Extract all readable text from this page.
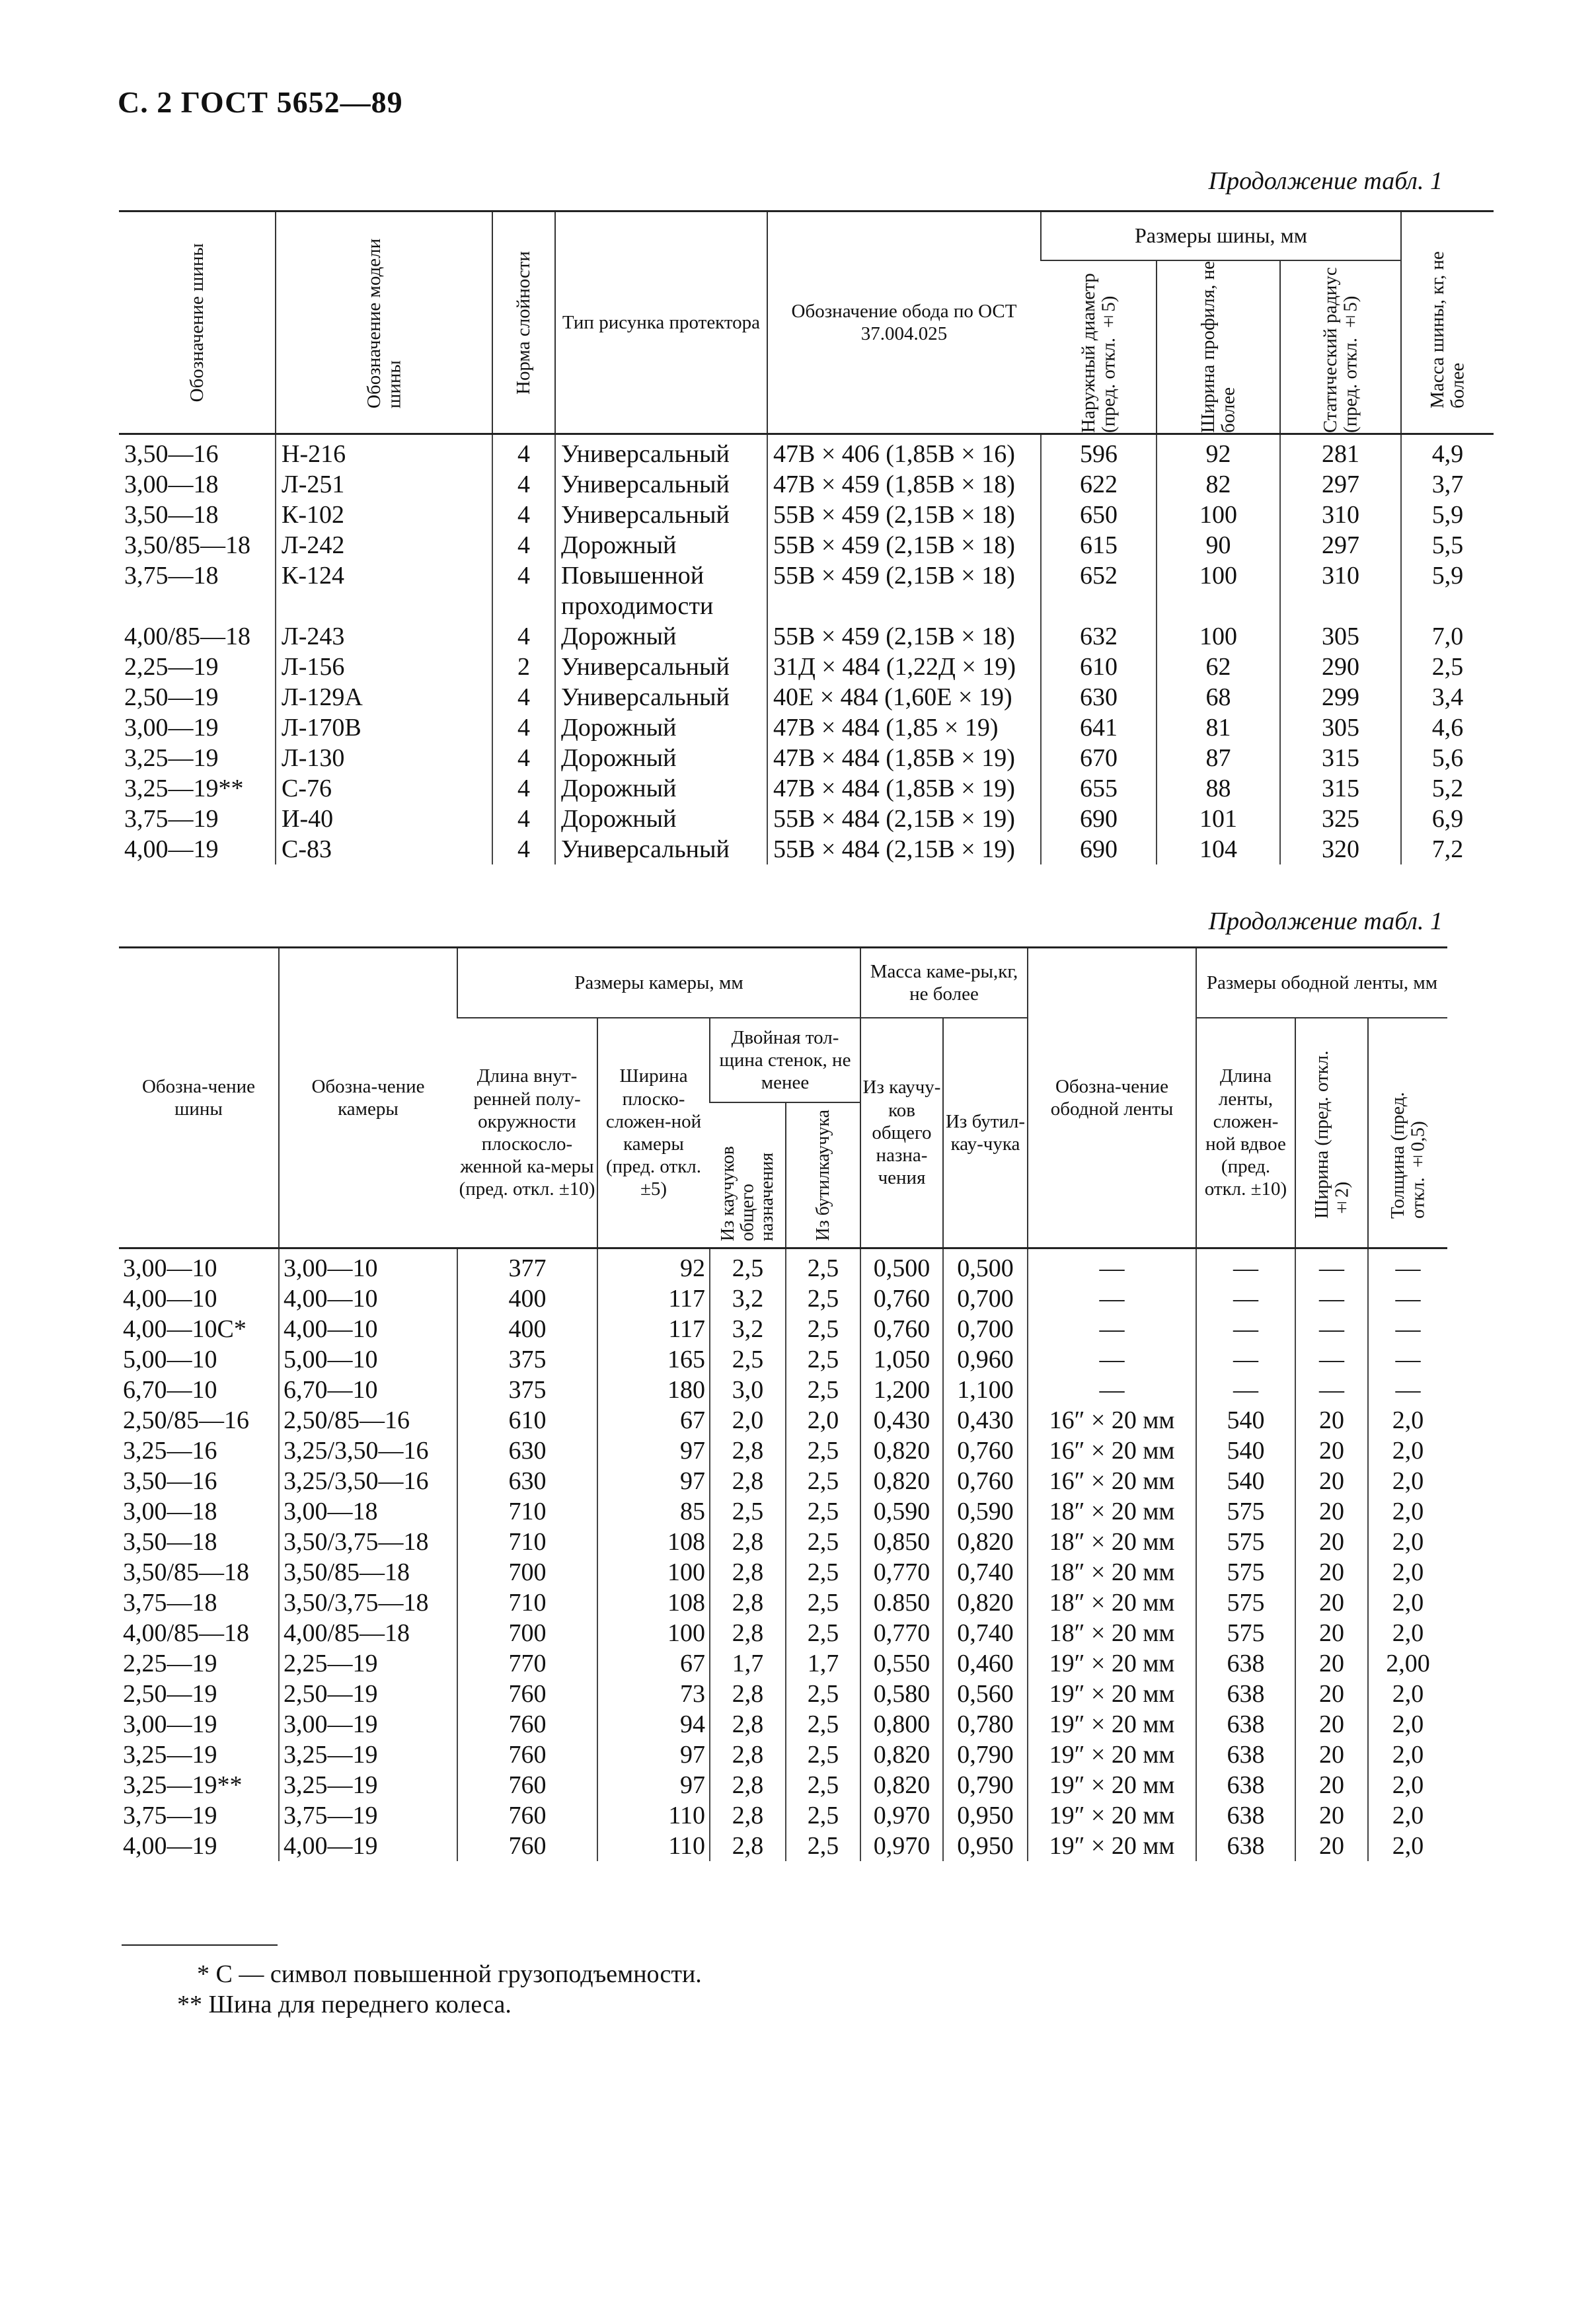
С. 2 ГОСТ 5652—89
Продолжение табл. 1
Обозначение шины	Обозначение модели шины	Норма слойности	Тип рисунка протектора	Обозначение обода по ОСТ 37.004.025	Размеры шины, мм			Масса шины, кг, не более

					Наружный диаметр (пред. откл. ±5)	Ширина профиля, не более	Статический радиус (пред. откл. ±5)	

3,50—16	Н-216	4	Универсальный	47В × 406 (1,85В × 16)	596	92	281	4,9
3,00—18	Л-251	4	Универсальный	47В × 459 (1,85В × 18)	622	82	297	3,7
3,50—18	К-102	4	Универсальный	55В × 459 (2,15В × 18)	650	100	310	5,9
3,50/85—18	Л-242	4	Дорожный	55В × 459 (2,15В × 18)	615	90	297	5,5
3,75—18	К-124	4	Повышенной	55В × 459 (2,15В × 18)	652	100	310	5,9
			проходимости					
4,00/85—18	Л-243	4	Дорожный	55В × 459 (2,15В × 18)	632	100	305	7,0
2,25—19	Л-156	2	Универсальный	31Д × 484 (1,22Д × 19)	610	62	290	2,5
2,50—19	Л-129А	4	Универсальный	40Е × 484 (1,60Е × 19)	630	68	299	3,4
3,00—19	Л-170В	4	Дорожный	47В × 484 (1,85 × 19)	641	81	305	4,6
3,25—19	Л-130	4	Дорожный	47В × 484 (1,85В × 19)	670	87	315	5,6
3,25—19**	С-76	4	Дорожный	47В × 484 (1,85В × 19)	655	88	315	5,2
3,75—19	И-40	4	Дорожный	55В × 484 (2,15В × 19)	690	101	325	6,9
4,00—19	С-83	4	Универсальный	55В × 484 (2,15В × 19)	690	104	320	7,2
Продолжение табл. 1
Обозна-чение шины	Обозна-чение камеры	Размеры камеры, мм				Масса каме-ры,кг, не более		Обозна-чение ободной ленты	Размеры ободной ленты, мм		
		Длина внут-ренней полу-окружности плоскосло-женной ка-меры (пред. откл. ±10)	Ширина плоско-сложен-ной камеры (пред. откл. ±5)	Двойная тол-щина стенок, не менее		Из каучу-ков общего назна-чения	Из бутил-кау-чука		Длина ленты, сложен-ной вдвое (пред. откл. ±10)	Ширина (пред. откл. ±2)	Толщина (пред. откл. ±0,5)

				Из каучуков общего назначения	Из бутилкаучука						

3,00—10	3,00—10	377	92	2,5	2,5	0,500	0,500	—	—	—	—
4,00—10	4,00—10	400	117	3,2	2,5	0,760	0,700	—	—	—	—
4,00—10C*	4,00—10	400	117	3,2	2,5	0,760	0,700	—	—	—	—
5,00—10	5,00—10	375	165	2,5	2,5	1,050	0,960	—	—	—	—
6,70—10	6,70—10	375	180	3,0	2,5	1,200	1,100	—	—	—	—
2,50/85—16	2,50/85—16	610	67	2,0	2,0	0,430	0,430	16″ × 20 мм	540	20	2,0
3,25—16	3,25/3,50—16	630	97	2,8	2,5	0,820	0,760	16″ × 20 мм	540	20	2,0
3,50—16	3,25/3,50—16	630	97	2,8	2,5	0,820	0,760	16″ × 20 мм	540	20	2,0
3,00—18	3,00—18	710	85	2,5	2,5	0,590	0,590	18″ × 20 мм	575	20	2,0
3,50—18	3,50/3,75—18	710	108	2,8	2,5	0,850	0,820	18″ × 20 мм	575	20	2,0
3,50/85—18	3,50/85—18	700	100	2,8	2,5	0,770	0,740	18″ × 20 мм	575	20	2,0
3,75—18	3,50/3,75—18	710	108	2,8	2,5	0.850	0,820	18″ × 20 мм	575	20	2,0
4,00/85—18	4,00/85—18	700	100	2,8	2,5	0,770	0,740	18″ × 20 мм	575	20	2,0
2,25—19	2,25—19	770	67	1,7	1,7	0,550	0,460	19″ × 20 мм	638	20	2,00
2,50—19	2,50—19	760	73	2,8	2,5	0,580	0,560	19″ × 20 мм	638	20	2,0
3,00—19	3,00—19	760	94	2,8	2,5	0,800	0,780	19″ × 20 мм	638	20	2,0
3,25—19	3,25—19	760	97	2,8	2,5	0,820	0,790	19″ × 20 мм	638	20	2,0
3,25—19**	3,25—19	760	97	2,8	2,5	0,820	0,790	19″ × 20 мм	638	20	2,0
3,75—19	3,75—19	760	110	2,8	2,5	0,970	0,950	19″ × 20 мм	638	20	2,0
4,00—19	4,00—19	760	110	2,8	2,5	0,970	0,950	19″ × 20 мм	638	20	2,0
* С — символ повышенной грузоподъемности.
** Шина для переднего колеса.
